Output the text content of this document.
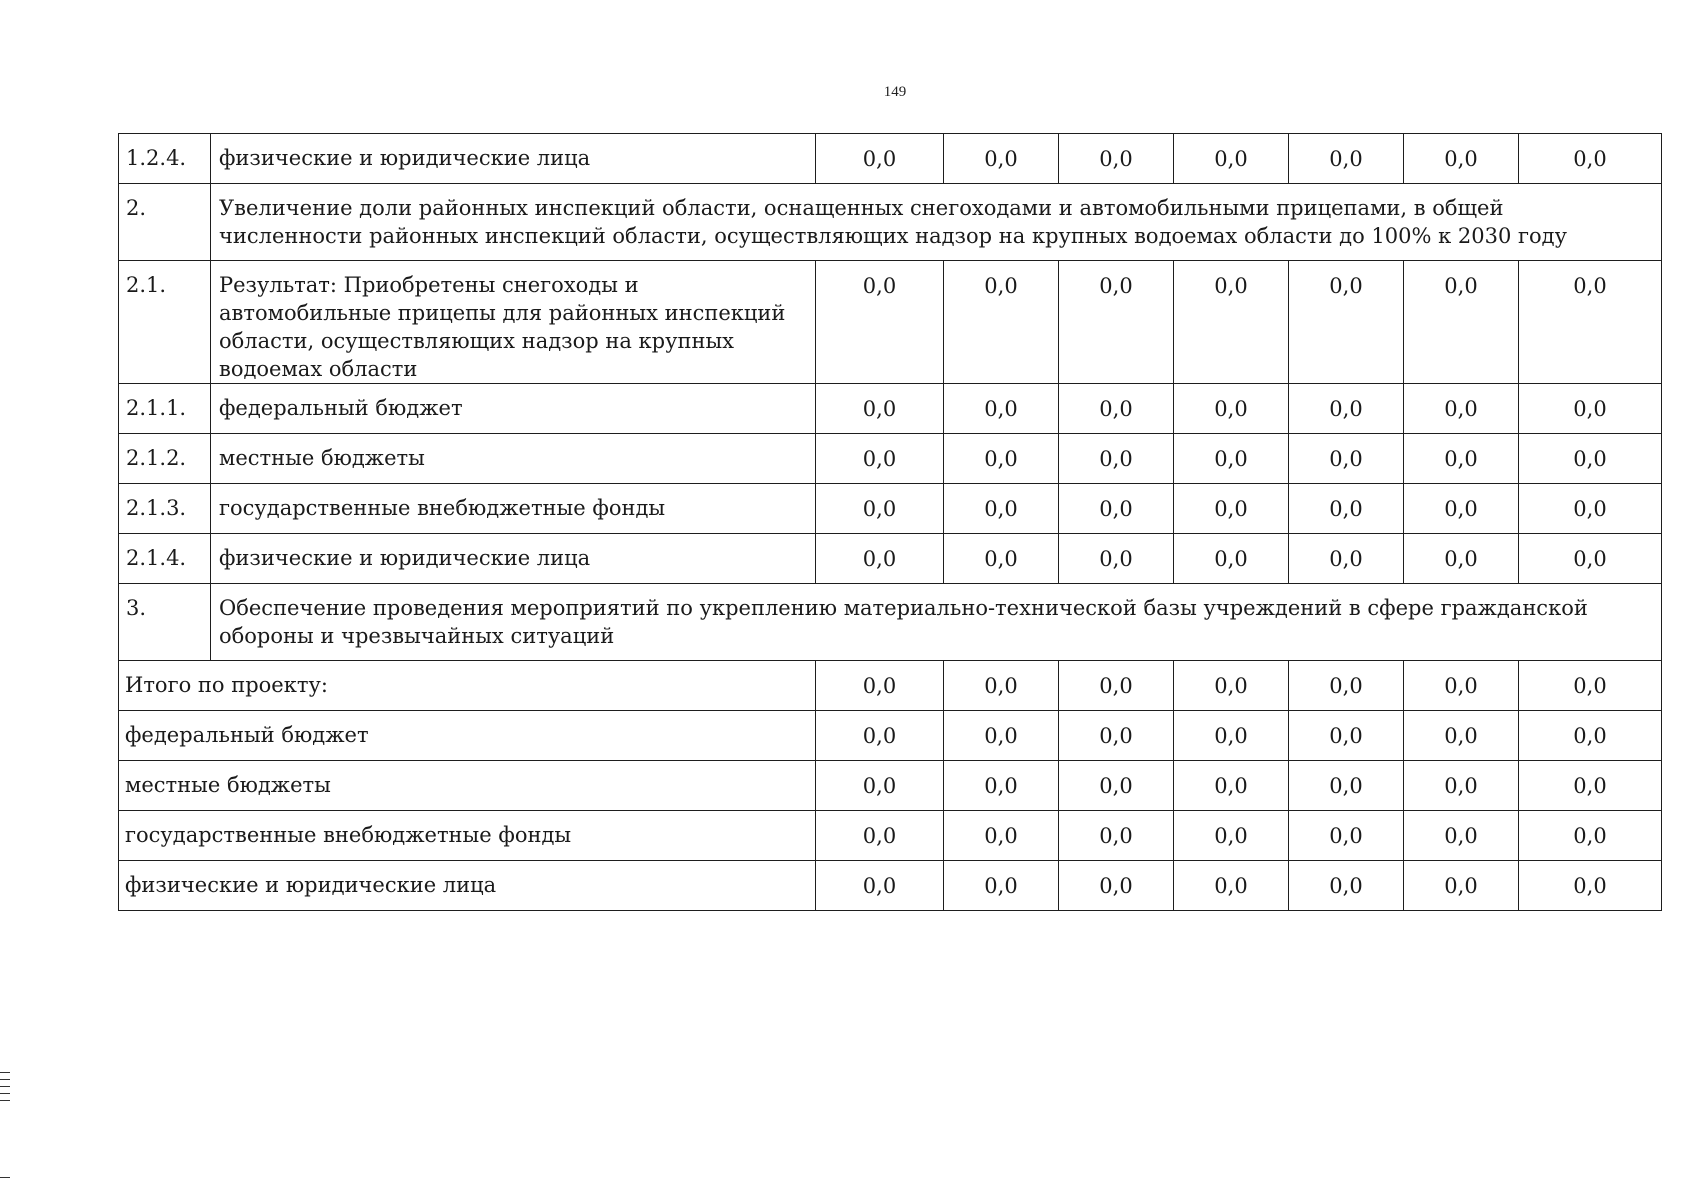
149
1.2.4.	физические и юридические лица	0,0	0,0	0,0	0,0	0,0	0,0	0,0
2.	Увеличение доли районных инспекций области, оснащенных снегоходами и автомобильными прицепами, в общей численности районных инспекций области, осуществляющих надзор на крупных водоемах области до 100% к 2030 году							
2.1.	Результат: Приобретены снегоходы и автомобильные прицепы для районных инспекций области, осуществляющих надзор на крупных водоемах области	0,0	0,0	0,0	0,0	0,0	0,0	0,0
2.1.1.	федеральный бюджет	0,0	0,0	0,0	0,0	0,0	0,0	0,0
2.1.2.	местные бюджеты	0,0	0,0	0,0	0,0	0,0	0,0	0,0
2.1.3.	государственные внебюджетные фонды	0,0	0,0	0,0	0,0	0,0	0,0	0,0
2.1.4.	физические и юридические лица	0,0	0,0	0,0	0,0	0,0	0,0	0,0
3.	Обеспечение проведения мероприятий по укреплению материально-технической базы учреждений в сфере гражданской обороны и чрезвычайных ситуаций							
Итого по проекту:		0,0	0,0	0,0	0,0	0,0	0,0	0,0
федеральный бюджет		0,0	0,0	0,0	0,0	0,0	0,0	0,0
местные бюджеты		0,0	0,0	0,0	0,0	0,0	0,0	0,0
государственные внебюджетные фонды		0,0	0,0	0,0	0,0	0,0	0,0	0,0
физические и юридические лица		0,0	0,0	0,0	0,0	0,0	0,0	0,0
